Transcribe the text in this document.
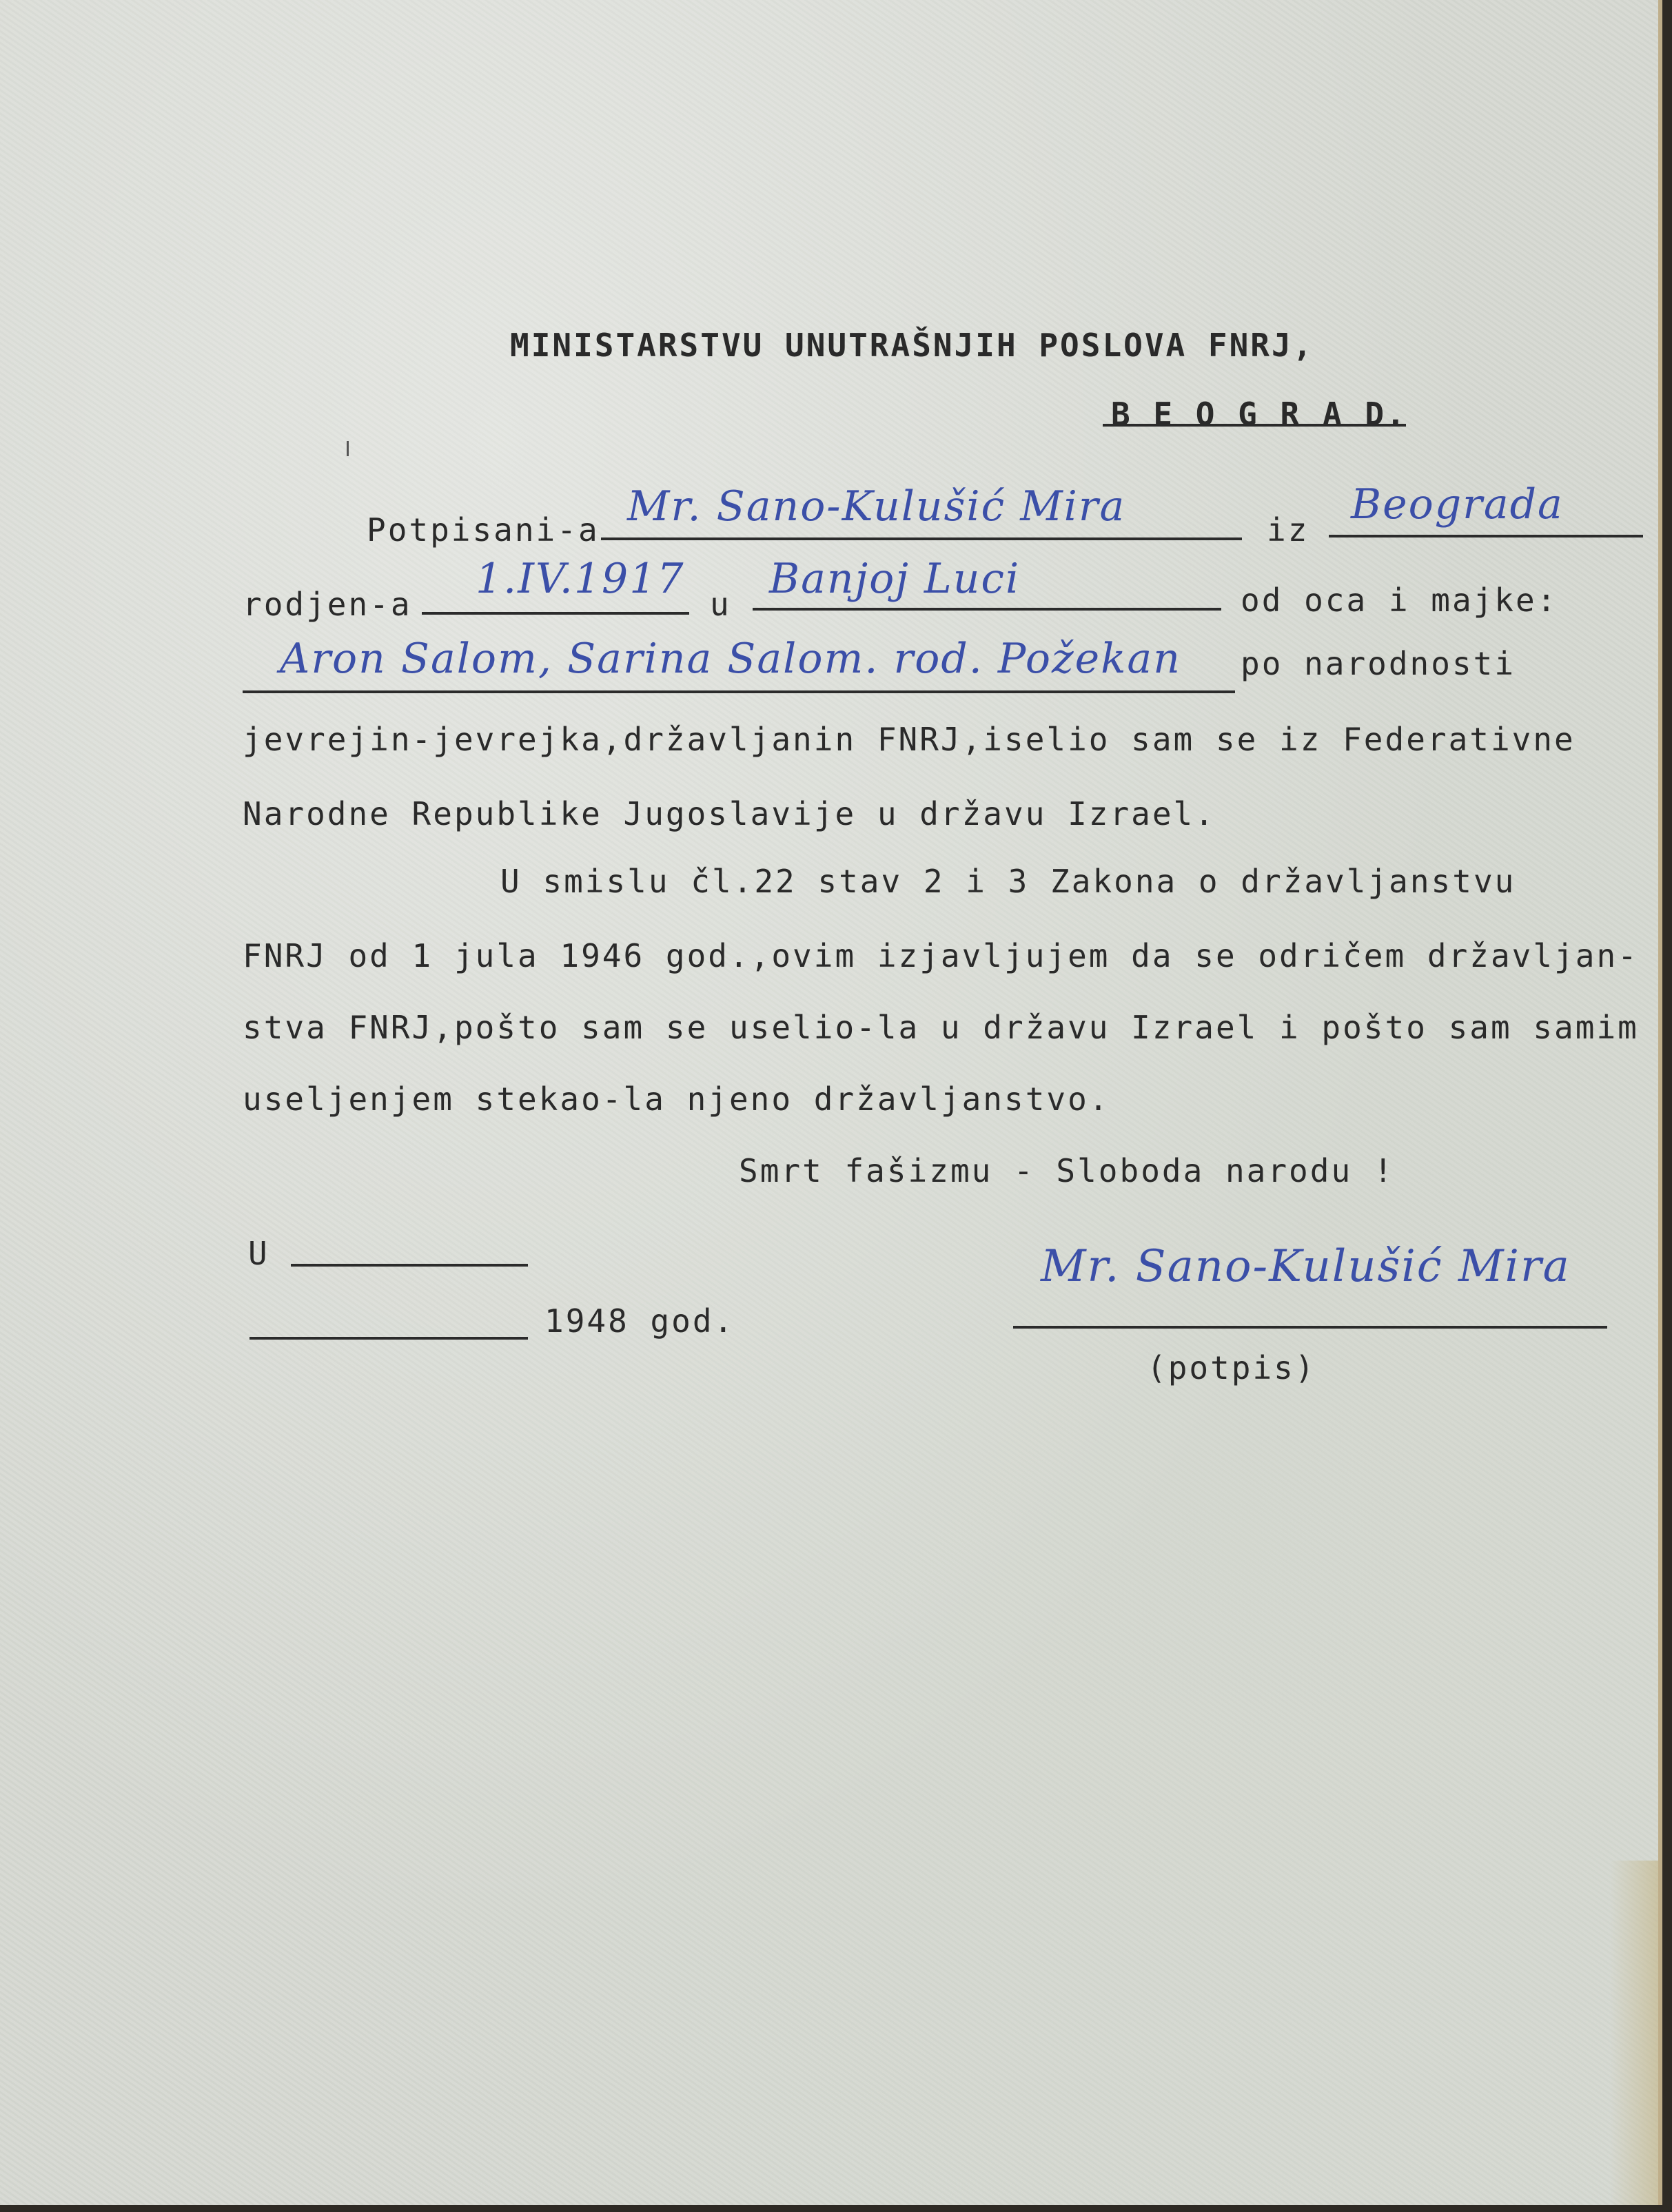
MINISTARSTVU UNUTRAŠNJIH POSLOVA FNRJ,
B E O G R A D.
Potpisani-a Mr. Sano-Kulušić Mira	iz
Beograda
rodjen-a
1.IV.1917
u
Banjoj Luci	od oca i majke:
Aron Salom, Sarina Salom. rod. Požekan po narodnosti
jevrejin-jevrejka,državljanin FNRJ,iselio sam se iz Federativne
Narodne Republike Jugoslavije u državu Izrael.
U smislu čl.22 stav 2 i 3 Zakona o državljanstvu
FNRJ od 1 jula 1946 god.,ovim izjavljujem da se odričem državljan-
stva FNRJ,pošto sam se uselio-la u državu Izrael i pošto sam samim
useljenjem stekao-la njeno državljanstvo.
Smrt fašizmu - Sloboda narodu !
U
1948 god.
Mr. Sano-Kulušić Mira
(potpis)
